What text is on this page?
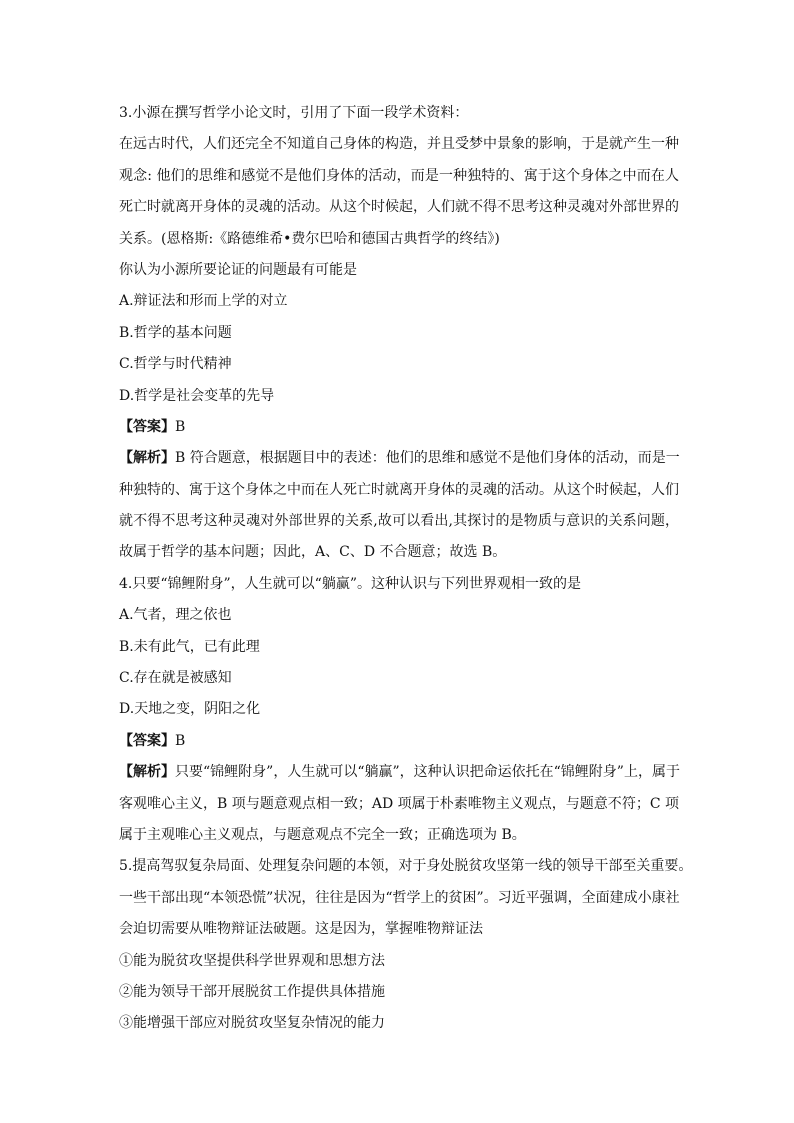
3.小源在撰写哲学小论文时，引用了下面一段学术资料：
在远古时代，人们还完全不知道自己身体的构造，并且受梦中景象的影响，于是就产生一种
观念: 他们的思维和感觉不是他们身体的活动，而是一种独特的、寓于这个身体之中而在人
死亡时就离开身体的灵魂的活动。从这个时候起，人们就不得不思考这种灵魂对外部世界的
关系。(恩格斯:《路德维希•费尔巴哈和德国古典哲学的终结》)
你认为小源所要论证的问题最有可能是
A.辩证法和形而上学的对立
B.哲学的基本问题
C.哲学与时代精神
D.哲学是社会变革的先导
【答案】B
【解析】B 符合题意，根据题目中的表述：他们的思维和感觉不是他们身体的活动，而是一
种独特的、寓于这个身体之中而在人死亡时就离开身体的灵魂的活动。从这个时候起，人们
就不得不思考这种灵魂对外部世界的关系,故可以看出,其探讨的是物质与意识的关系问题，
故属于哲学的基本问题；因此，A、C、D 不合题意；故选 B。
4.只要“锦鲤附身”，人生就可以“躺赢”。这种认识与下列世界观相一致的是
A.气者，理之依也
B.未有此气，已有此理
C.存在就是被感知
D.天地之变，阴阳之化
【答案】B
【解析】只要“锦鲤附身”，人生就可以“躺赢”，这种认识把命运依托在“锦鲤附身”上，属于
客观唯心主义，B 项与题意观点相一致；AD 项属于朴素唯物主义观点，与题意不符；C 项
属于主观唯心主义观点，与题意观点不完全一致；正确选项为 B。
5.提高驾驭复杂局面、处理复杂问题的本领，对于身处脱贫攻坚第一线的领导干部至关重要。
一些干部出现“本领恐慌”状况，往往是因为“哲学上的贫困”。习近平强调，全面建成小康社
会迫切需要从唯物辩证法破题。这是因为，掌握唯物辩证法
①能为脱贫攻坚提供科学世界观和思想方法
②能为领导干部开展脱贫工作提供具体措施
③能增强干部应对脱贫攻坚复杂情况的能力
